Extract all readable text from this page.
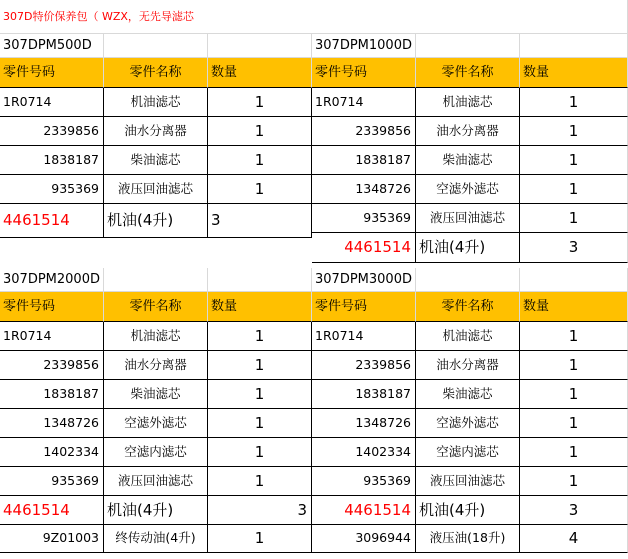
307D特价保养包（ WZX，无先导滤芯
307DPM500D
零件号码	零件名称	数量
1R0714	机油滤芯	1
2339856	油水分离器	1
1838187	柴油滤芯	1
935369	液压回油滤芯	1
4461514	机油(4升)	3
307DPM1000D
零件号码	零件名称	数量
1R0714	机油滤芯	1
2339856	油水分离器	1
1838187	柴油滤芯	1
1348726	空滤外滤芯	1
935369	液压回油滤芯	1
4461514 机油(4升)	3
307DPM2000D
零件号码	零件名称	数量
1R0714	机油滤芯	1
2339856	油水分离器	1
1838187	柴油滤芯	1
1348726	空滤外滤芯	1
1402334	空滤内滤芯	1
935369	液压回油滤芯	1
4461514	机油(4升)	3
9Z01003	终传动油(4升)	1
307DPM3000D
零件号码	零件名称	数量
1R0714	机油滤芯	1
2339856	油水分离器	1
1838187	柴油滤芯	1
1348726	空滤外滤芯	1
1402334	空滤内滤芯	1
935369	液压回油滤芯	1
4461514 机油(4升)	3
3096944	液压油(18升)	4
